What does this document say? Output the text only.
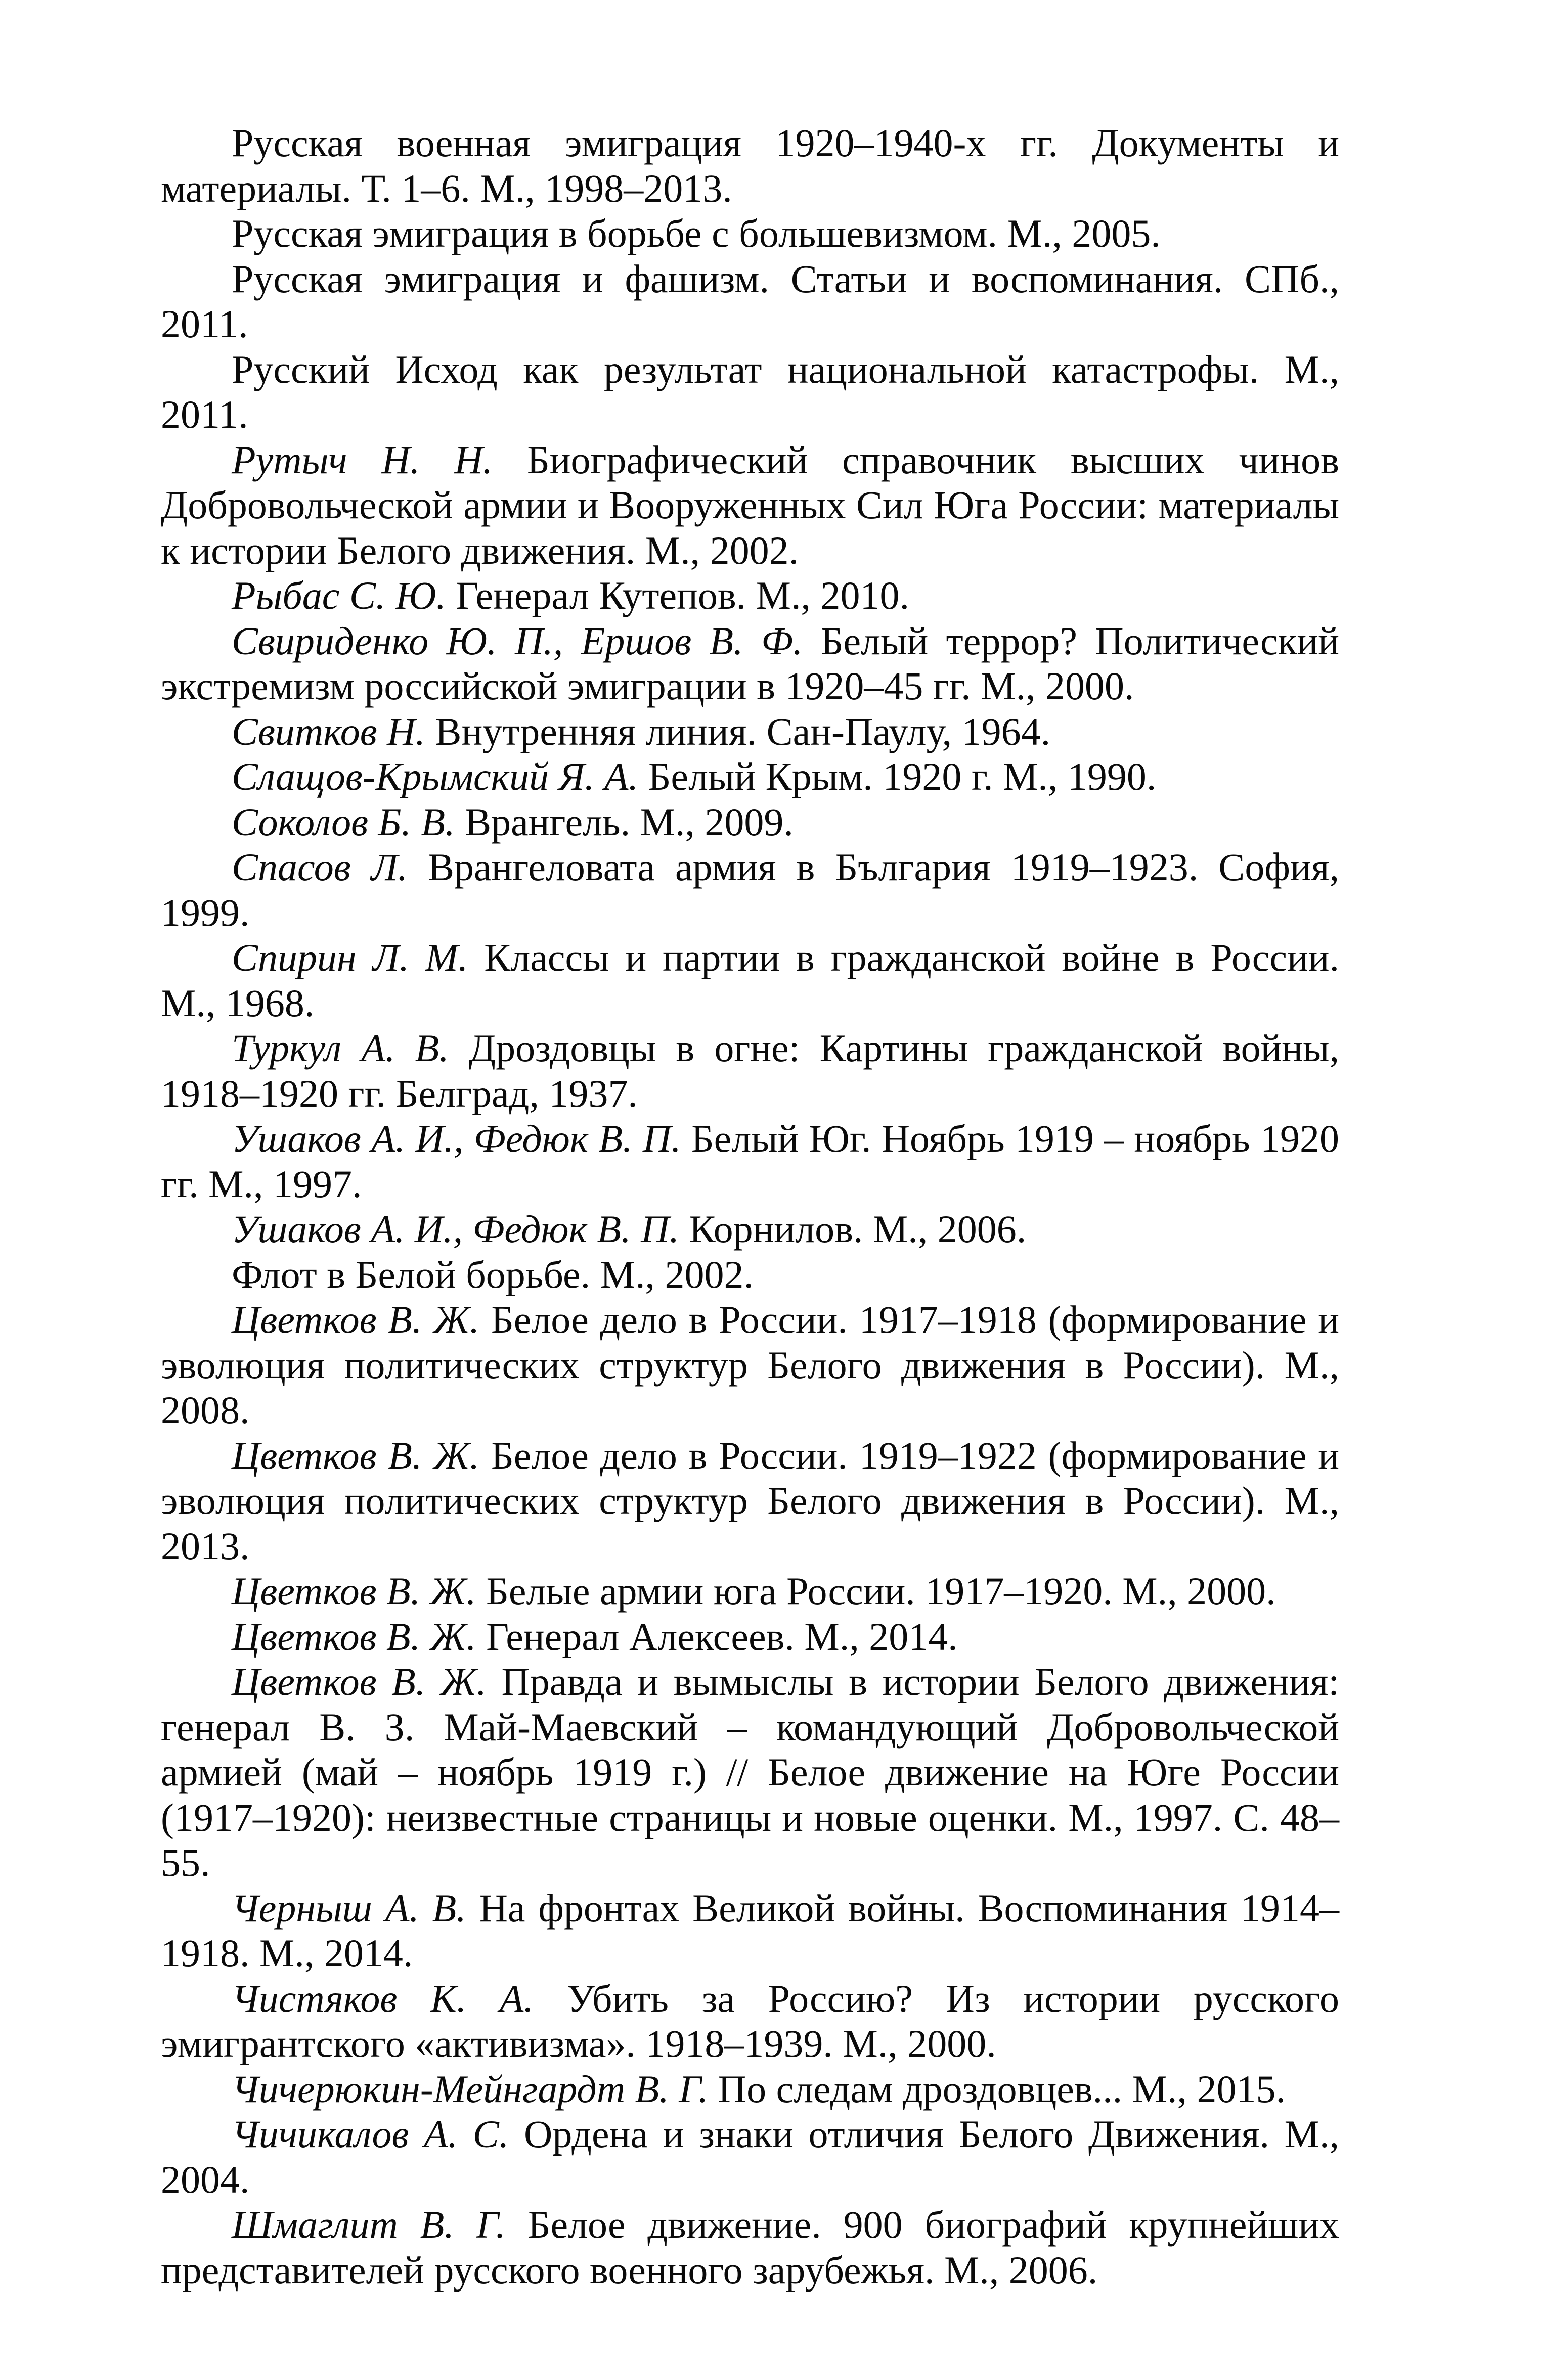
Русская военная эмиграция 1920–1940-х гг. Документы и материалы. Т. 1–6. М., 1998–2013.

Русская эмиграция в борьбе с большевизмом. М., 2005.

Русская эмиграция и фашизм. Статьи и воспоминания. СПб., 2011.

Русский Исход как результат национальной катастрофы. М., 2011.

Рутыч Н. Н. Биографический справочник высших чинов Добровольческой армии и Вооруженных Сил Юга России: материалы к истории Белого движения. М., 2002.

Рыбас С. Ю. Генерал Кутепов. М., 2010.

Свириденко Ю. П., Ершов В. Ф. Белый террор? Политический экстремизм российской эмиграции в 1920–45 гг. М., 2000.

Свитков Н. Внутренняя линия. Сан-Паулу, 1964.

Слащов-Крымский Я. А. Белый Крым. 1920 г. М., 1990.

Соколов Б. В. Врангель. М., 2009.

Спасов Л. Врангеловата армия в България 1919–1923. София, 1999.

Спирин Л. М. Классы и партии в гражданской войне в России. М., 1968.

Туркул А. В. Дроздовцы в огне: Картины гражданской войны, 1918–1920 гг. Белград, 1937.

Ушаков А. И., Федюк В. П. Белый Юг. Ноябрь 1919 – ноябрь 1920 гг. М., 1997.

Ушаков А. И., Федюк В. П. Корнилов. М., 2006.

Флот в Белой борьбе. М., 2002.

Цветков В. Ж. Белое дело в России. 1917–1918 (формирование и эволюция политических структур Белого движения в России). М., 2008.

Цветков В. Ж. Белое дело в России. 1919–1922 (формирование и эволюция политических структур Белого движения в России). М., 2013.

Цветков В. Ж. Белые армии юга России. 1917–1920. М., 2000.

Цветков В. Ж. Генерал Алексеев. М., 2014.

Цветков В. Ж. Правда и вымыслы в истории Белого движения: генерал В. З. Май-Маевский – командующий Добровольческой армией (май – ноябрь 1919 г.) // Белое движение на Юге России (1917–1920): неизвестные страницы и новые оценки. М., 1997. С. 48–55.

Черныш А. В. На фронтах Великой войны. Воспоминания 1914–1918. М., 2014.

Чистяков К. А. Убить за Россию? Из истории русского эмигрантского «активизма». 1918–1939. М., 2000.

Чичерюкин-Мейнгардт В. Г. По следам дроздовцев... М., 2015.

Чичикалов А. С. Ордена и знаки отличия Белого Движения. М., 2004.

Шмаглит В. Г. Белое движение. 900 биографий крупнейших представителей русского военного зарубежья. М., 2006.
